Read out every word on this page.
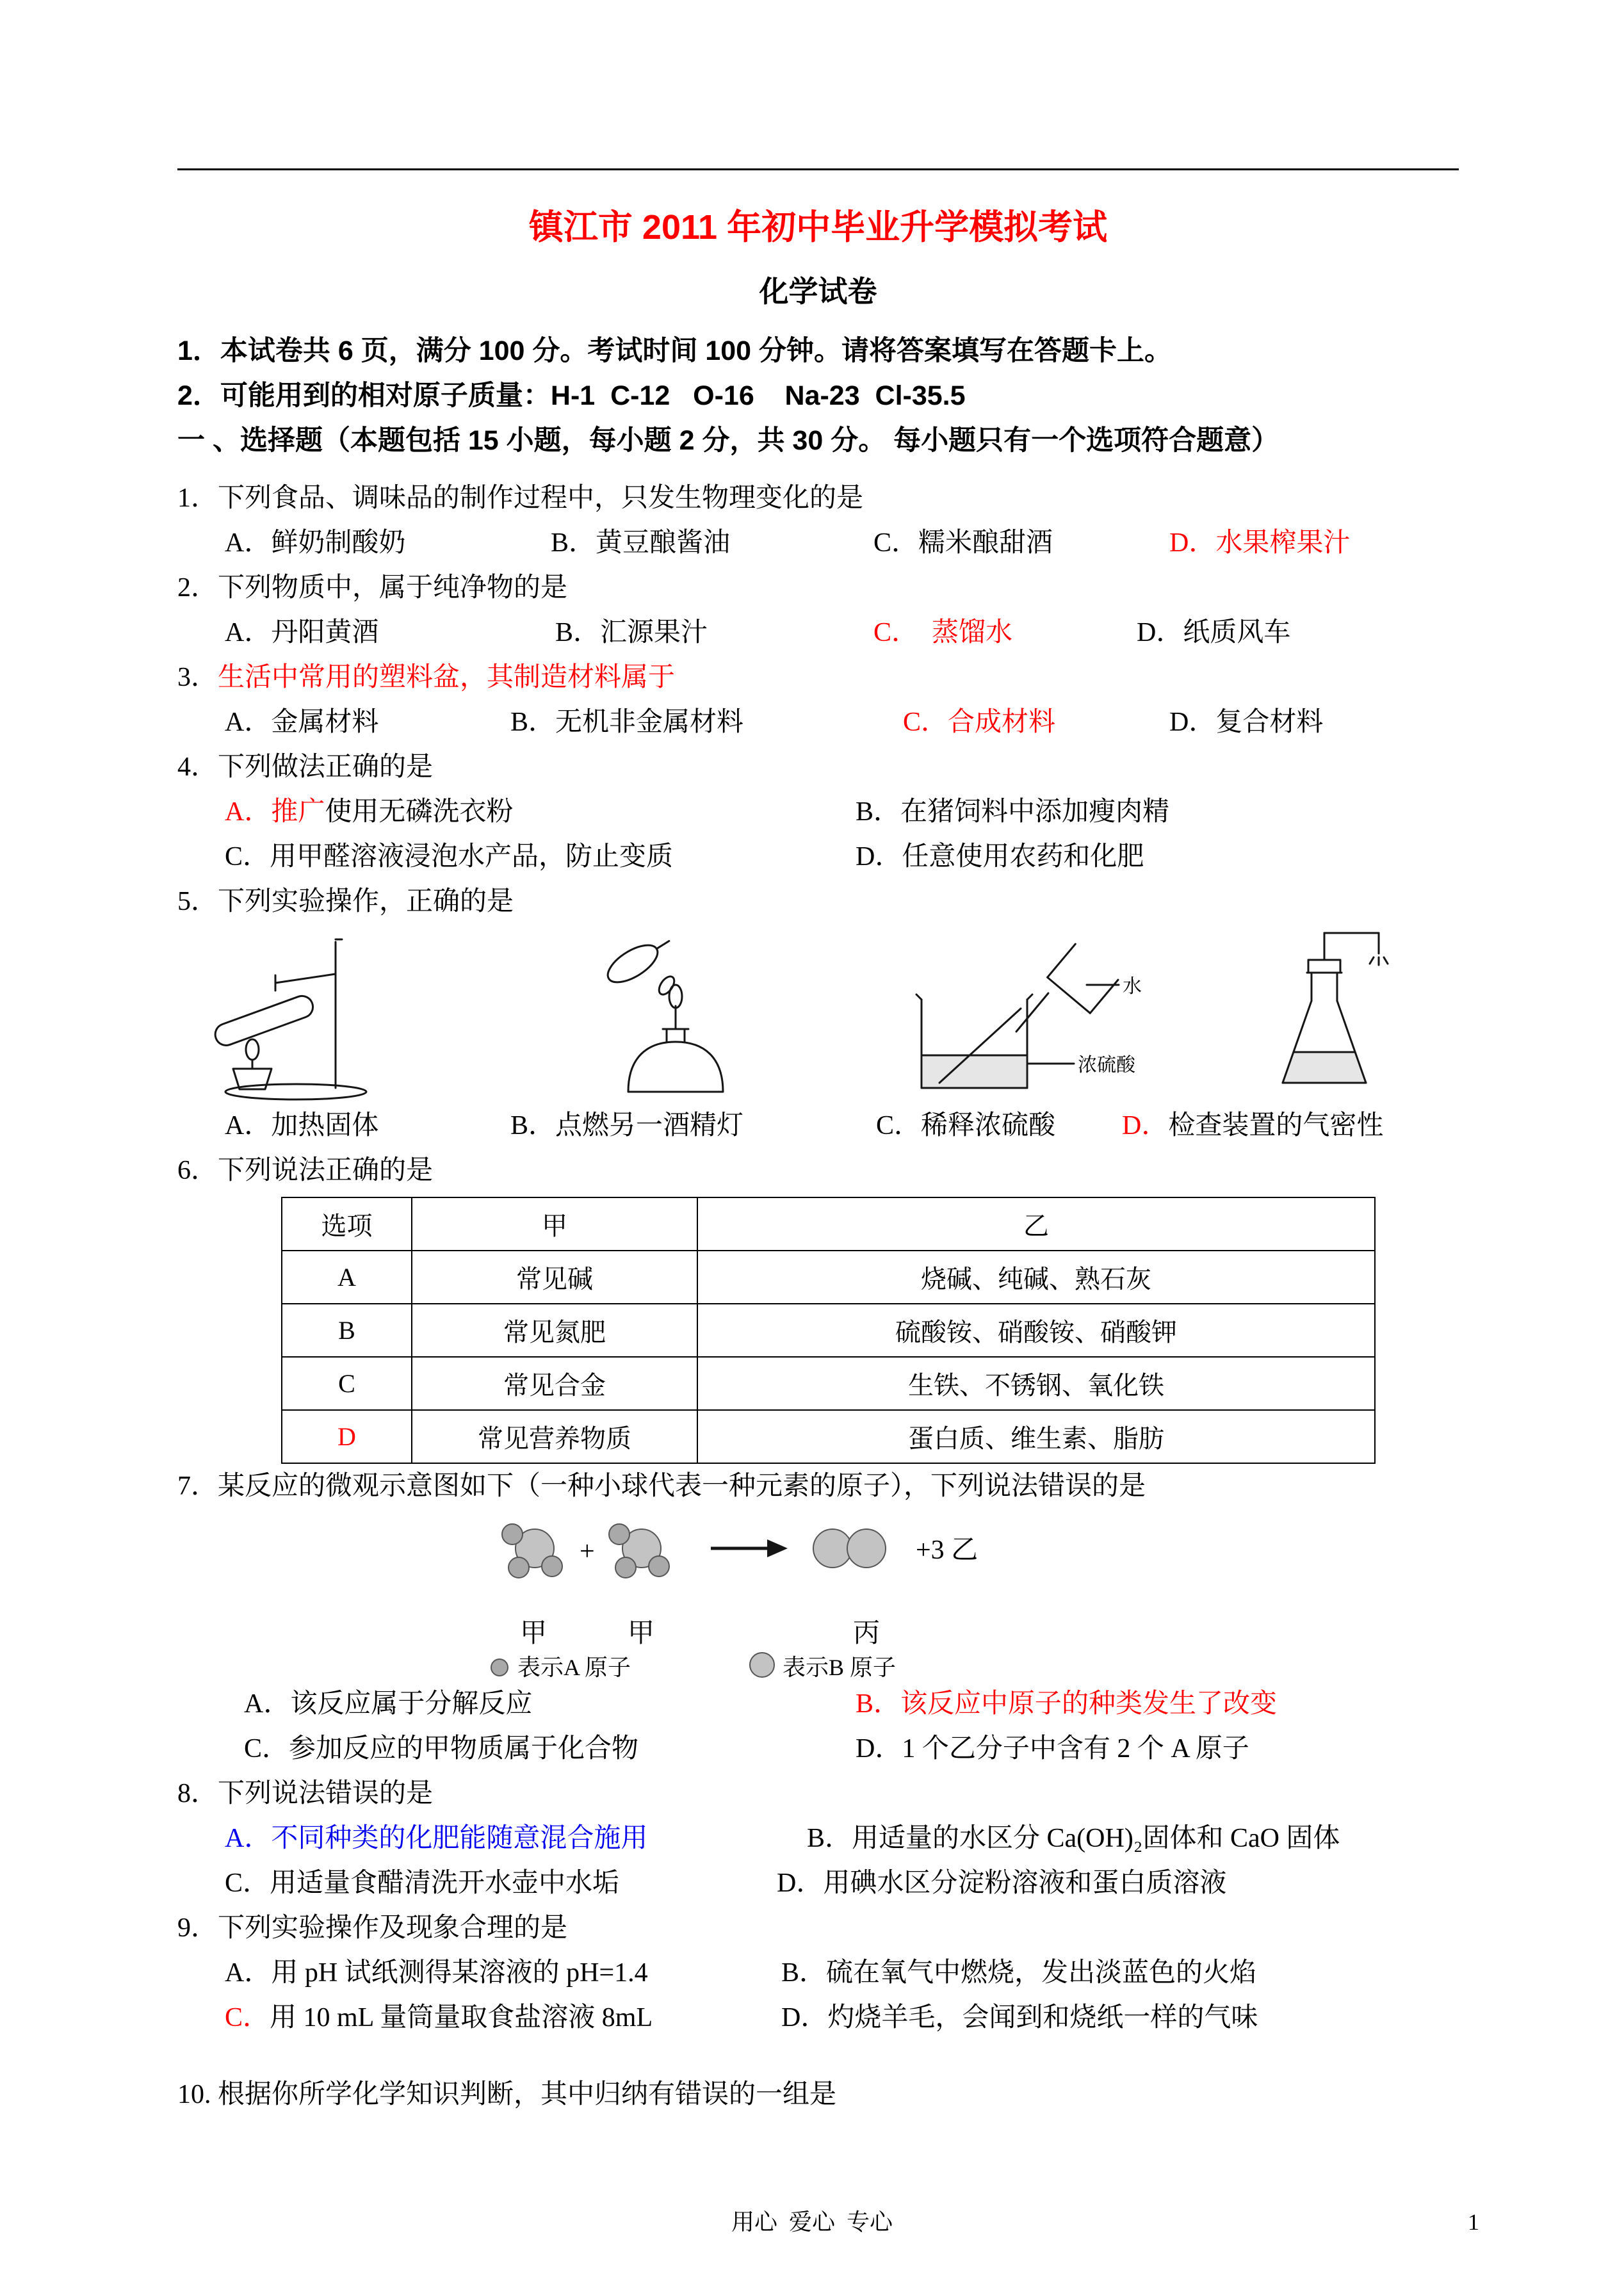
镇江市 2011 年初中毕业升学模拟考试
化学试卷

1．本试卷共 6 页，满分 100 分。考试时间 100 分钟。请将答案填写在答题卡上。

2．可能用到的相对原子质量：H-1  C-12   O-16    Na-23  Cl-35.5

一 、选择题（本题包括 15 小题，每小题 2 分，共 30 分。 每小题只有一个选项符合题意）

1．下列食品、调味品的制作过程中，只发生物理变化的是

A．鲜奶制酸奶	B．黄豆酿酱油	C．糯米酿甜酒	D．水果榨果汁

2．下列物质中，属于纯净物的是

A．丹阳黄酒	B．汇源果汁	C．  蒸馏水	D．纸质风车

3．生活中常用的塑料盆，其制造材料属于

A．金属材料	B．无机非金属材料	C．合成材料	D．复合材料

4．下列做法正确的是

A．推广使用无磷洗衣粉	B．在猪饲料中添加瘦肉精
C．用甲醛溶液浸泡水产品，防止变质	D．任意使用农药和化肥

5．下列实验操作，正确的是

水
浓硫酸
A．加热固体	B．点燃另一酒精灯	C．稀释浓硫酸	D．检查装置的气密性

6．下列说法正确的是

选项	甲	乙
A	常见碱	烧碱、纯碱、熟石灰
B	常见氮肥	硫酸铵、硝酸铵、硝酸钾
C	常见合金	生铁、不锈钢、氧化铁
D	常见营养物质	蛋白质、维生素、脂肪

7．某反应的微观示意图如下（一种小球代表一种元素的原子），下列说法错误的是

+	+3 乙
甲	甲	丙
表示A 原子	表示B 原子
A．该反应属于分解反应	B．该反应中原子的种类发生了改变
C．参加反应的甲物质属于化合物	D．1 个乙分子中含有 2 个 A 原子

8．下列说法错误的是

A．不同种类的化肥能随意混合施用	B．用适量的水区分 Ca(OH)₂固体和 CaO 固体
C．用适量食醋清洗开水壶中水垢	D．用碘水区分淀粉溶液和蛋白质溶液

9．下列实验操作及现象合理的是

A．用 pH 试纸测得某溶液的 pH=1.4	B．硫在氧气中燃烧，发出淡蓝色的火焰
C．用 10 mL 量筒量取食盐溶液 8mL	D．灼烧羊毛，会闻到和烧纸一样的气味

10. 根据你所学化学知识判断，其中归纳有错误的一组是

用心  爱心  专心	1
